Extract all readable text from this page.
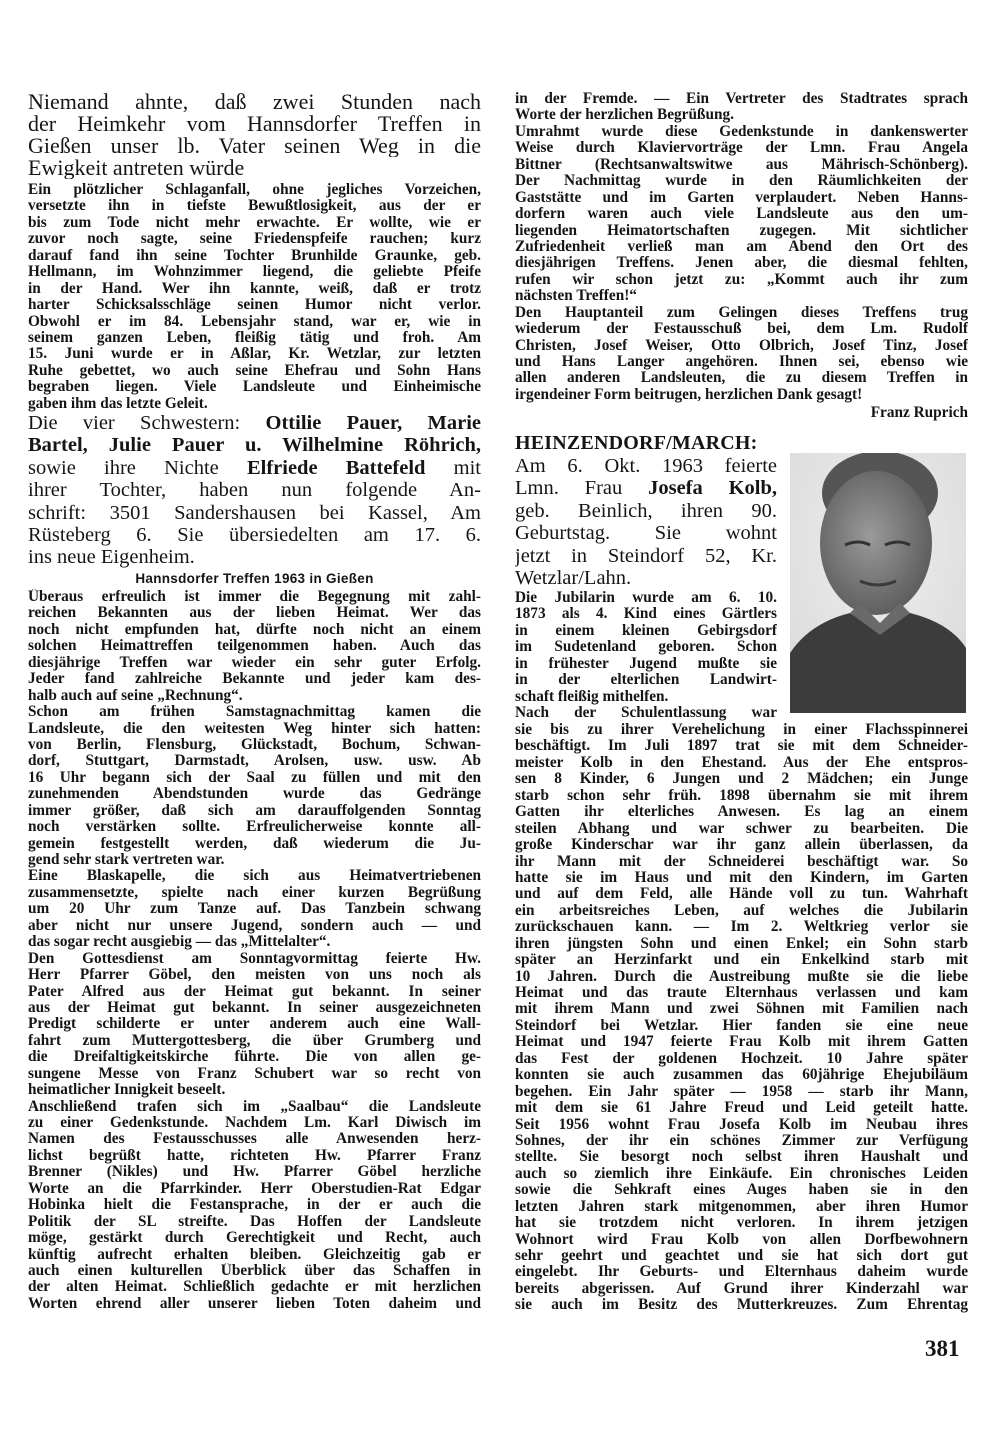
Niemand ahnte, daß zwei Stunden nach
der Heimkehr vom Hannsdorfer Treffen in
Gießen unser lb. Vater seinen Weg in die
Ewigkeit antreten würde
Ein plötzlicher Schlaganfall, ohne jegliches Vorzeichen,
versetzte ihn in tiefste Bewußtlosigkeit, aus der er
bis zum Tode nicht mehr erwachte. Er wollte, wie er
zuvor noch sagte, seine Friedenspfeife rauchen; kurz
darauf fand ihn seine Tochter Brunhilde Graunke, geb.
Hellmann, im Wohnzimmer liegend, die geliebte Pfeife
in der Hand. Wer ihn kannte, weiß, daß er trotz
harter Schicksalsschläge seinen Humor nicht verlor.
Obwohl er im 84. Lebensjahr stand, war er, wie in
seinem ganzen Leben, fleißig tätig und froh. Am
15. Juni wurde er in Aßlar, Kr. Wetzlar, zur letzten
Ruhe gebettet, wo auch seine Ehefrau und Sohn Hans
begraben liegen. Viele Landsleute und Einheimische
gaben ihm das letzte Geleit.
Die vier Schwestern: Ottilie Pauer, Marie
Bartel, Julie Pauer u. Wilhelmine Röhrich,
sowie ihre Nichte Elfriede Battefeld mit
ihrer Tochter, haben nun folgende An-
schrift: 3501 Sandershausen bei Kassel, Am
Rüsteberg 6. Sie übersiedelten am 17. 6.
ins neue Eigenheim.
Hannsdorfer Treffen 1963 in Gießen
Überaus erfreulich ist immer die Begegnung mit zahl-
reichen Bekannten aus der lieben Heimat. Wer das
noch nicht empfunden hat, dürfte noch nicht an einem
solchen Heimattreffen teilgenommen haben. Auch das
diesjährige Treffen war wieder ein sehr guter Erfolg.
Jeder fand zahlreiche Bekannte und jeder kam des-
halb auch auf seine „Rechnung“.
Schon am frühen Samstagnachmittag kamen die
Landsleute, die den weitesten Weg hinter sich hatten:
von Berlin, Flensburg, Glückstadt, Bochum, Schwan-
dorf, Stuttgart, Darmstadt, Arolsen, usw. usw. Ab
16 Uhr begann sich der Saal zu füllen und mit den
zunehmenden Abendstunden wurde das Gedränge
immer größer, daß sich am darauffolgenden Sonntag
noch verstärken sollte. Erfreulicherweise konnte all-
gemein festgestellt werden, daß wiederum die Ju-
gend sehr stark vertreten war.
Eine Blaskapelle, die sich aus Heimatvertriebenen
zusammensetzte, spielte nach einer kurzen Begrüßung
um 20 Uhr zum Tanze auf. Das Tanzbein schwang
aber nicht nur unsere Jugend, sondern auch — und
das sogar recht ausgiebig — das „Mittelalter“.
Den Gottesdienst am Sonntagvormittag feierte Hw.
Herr Pfarrer Göbel, den meisten von uns noch als
Pater Alfred aus der Heimat gut bekannt. In seiner
aus der Heimat gut bekannt. In seiner ausgezeichneten
Predigt schilderte er unter anderem auch eine Wall-
fahrt zum Muttergottesberg, die über Grumberg und
die Dreifaltigkeitskirche führte. Die von allen ge-
sungene Messe von Franz Schubert war so recht von
heimatlicher Innigkeit beseelt.
Anschließend trafen sich im „Saalbau“ die Landsleute
zu einer Gedenkstunde. Nachdem Lm. Karl Diwisch im
Namen des Festausschusses alle Anwesenden herz-
lichst begrüßt hatte, richteten Hw. Pfarrer Franz
Brenner (Nikles) und Hw. Pfarrer Göbel herzliche
Worte an die Pfarrkinder. Herr Oberstudien-Rat Edgar
Hobinka hielt die Festansprache, in der er auch die
Politik der SL streifte. Das Hoffen der Landsleute
möge, gestärkt durch Gerechtigkeit und Recht, auch
künftig aufrecht erhalten bleiben. Gleichzeitig gab er
auch einen kulturellen Überblick über das Schaffen in
der alten Heimat. Schließlich gedachte er mit herzlichen
Worten ehrend aller unserer lieben Toten daheim und
in der Fremde. — Ein Vertreter des Stadtrates sprach
Worte der herzlichen Begrüßung.
Umrahmt wurde diese Gedenkstunde in dankenswerter
Weise durch Klaviervorträge der Lmn. Frau Angela
Bittner (Rechtsanwaltswitwe aus Mährisch-Schönberg).
Der Nachmittag wurde in den Räumlichkeiten der
Gaststätte und im Garten verplaudert. Neben Hanns-
dorfern waren auch viele Landsleute aus den um-
liegenden Heimatortschaften zugegen. Mit sichtlicher
Zufriedenheit verließ man am Abend den Ort des
diesjährigen Treffens. Jenen aber, die diesmal fehlten,
rufen wir schon jetzt zu: „Kommt auch ihr zum
nächsten Treffen!“
Den Hauptanteil zum Gelingen dieses Treffens trug
wiederum der Festausschuß bei, dem Lm. Rudolf
Christen, Josef Weiser, Otto Olbrich, Josef Tinz, Josef
und Hans Langer angehören. Ihnen sei, ebenso wie
allen anderen Landsleuten, die zu diesem Treffen in
irgendeiner Form beitrugen, herzlichen Dank gesagt!
Franz Ruprich
HEINZENDORF/MARCH:
Am 6. Okt. 1963 feierte
Lmn. Frau Josefa Kolb,
geb. Beinlich, ihren 90.
Geburtstag. Sie wohnt
jetzt in Steindorf 52, Kr.
Wetzlar/Lahn.
Die Jubilarin wurde am 6. 10.
1873 als 4. Kind eines Gärtlers
in einem kleinen Gebirgsdorf
im Sudetenland geboren. Schon
in frühester Jugend mußte sie
in der elterlichen Landwirt-
schaft fleißig mithelfen.
Nach der Schulentlassung war
sie bis zu ihrer Verehelichung in einer Flachsspinnerei
beschäftigt. Im Juli 1897 trat sie mit dem Schneider-
meister Kolb in den Ehestand. Aus der Ehe entspros-
sen 8 Kinder, 6 Jungen und 2 Mädchen; ein Junge
starb schon sehr früh. 1898 übernahm sie mit ihrem
Gatten ihr elterliches Anwesen. Es lag an einem
steilen Abhang und war schwer zu bearbeiten. Die
große Kinderschar war ihr ganz allein überlassen, da
ihr Mann mit der Schneiderei beschäftigt war. So
hatte sie im Haus und mit den Kindern, im Garten
und auf dem Feld, alle Hände voll zu tun. Wahrhaft
ein arbeitsreiches Leben, auf welches die Jubilarin
zurückschauen kann. — Im 2. Weltkrieg verlor sie
ihren jüngsten Sohn und einen Enkel; ein Sohn starb
später an Herzinfarkt und ein Enkelkind starb mit
10 Jahren. Durch die Austreibung mußte sie die liebe
Heimat und das traute Elternhaus verlassen und kam
mit ihrem Mann und zwei Söhnen mit Familien nach
Steindorf bei Wetzlar. Hier fanden sie eine neue
Heimat und 1947 feierte Frau Kolb mit ihrem Gatten
das Fest der goldenen Hochzeit. 10 Jahre später
konnten sie auch zusammen das 60jährige Ehejubiläum
begehen. Ein Jahr später — 1958 — starb ihr Mann,
mit dem sie 61 Jahre Freud und Leid geteilt hatte.
Seit 1956 wohnt Frau Josefa Kolb im Neubau ihres
Sohnes, der ihr ein schönes Zimmer zur Verfügung
stellte. Sie besorgt noch selbst ihren Haushalt und
auch so ziemlich ihre Einkäufe. Ein chronisches Leiden
sowie die Sehkraft eines Auges haben sie in den
letzten Jahren stark mitgenommen, aber ihren Humor
hat sie trotzdem nicht verloren. In ihrem jetzigen
Wohnort wird Frau Kolb von allen Dorfbewohnern
sehr geehrt und geachtet und sie hat sich dort gut
eingelebt. Ihr Geburts- und Elternhaus daheim wurde
bereits abgerissen. Auf Grund ihrer Kinderzahl war
sie auch im Besitz des Mutterkreuzes. Zum Ehrentag
381
